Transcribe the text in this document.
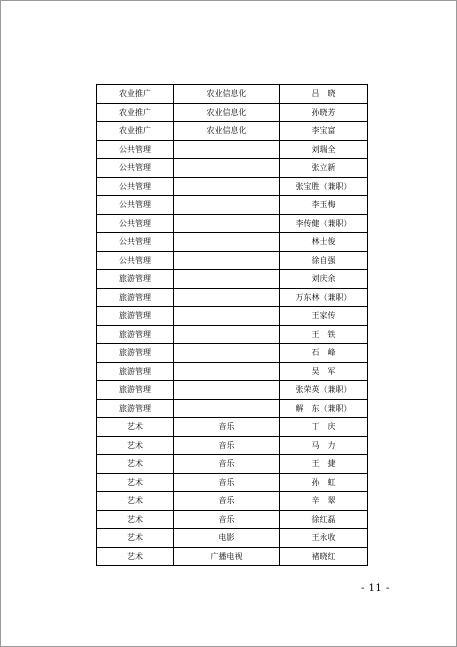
农业推广	农业信息化	吕　晓
农业推广	农业信息化	孙晓芳
农业推广	农业信息化	李宝富
公共管理		刘瑞全
公共管理		张立新
公共管理		张宝胜（兼职）
公共管理		李玉梅
公共管理		李传健（兼职）
公共管理		林士俊
公共管理		徐自强
旅游管理		刘庆余
旅游管理		万东林（兼职）
旅游管理		王家传
旅游管理		王　铁
旅游管理		石　峰
旅游管理		吴　军
旅游管理		张荣英（兼职）
旅游管理		解　东（兼职）
艺术	音乐	丁　庆
艺术	音乐	马　力
艺术	音乐	王　捷
艺术	音乐	孙　虹
艺术	音乐	辛　翠
艺术	音乐	徐红磊
艺术	电影	王永收
艺术	广播电视	褚晓红
- 11 -
